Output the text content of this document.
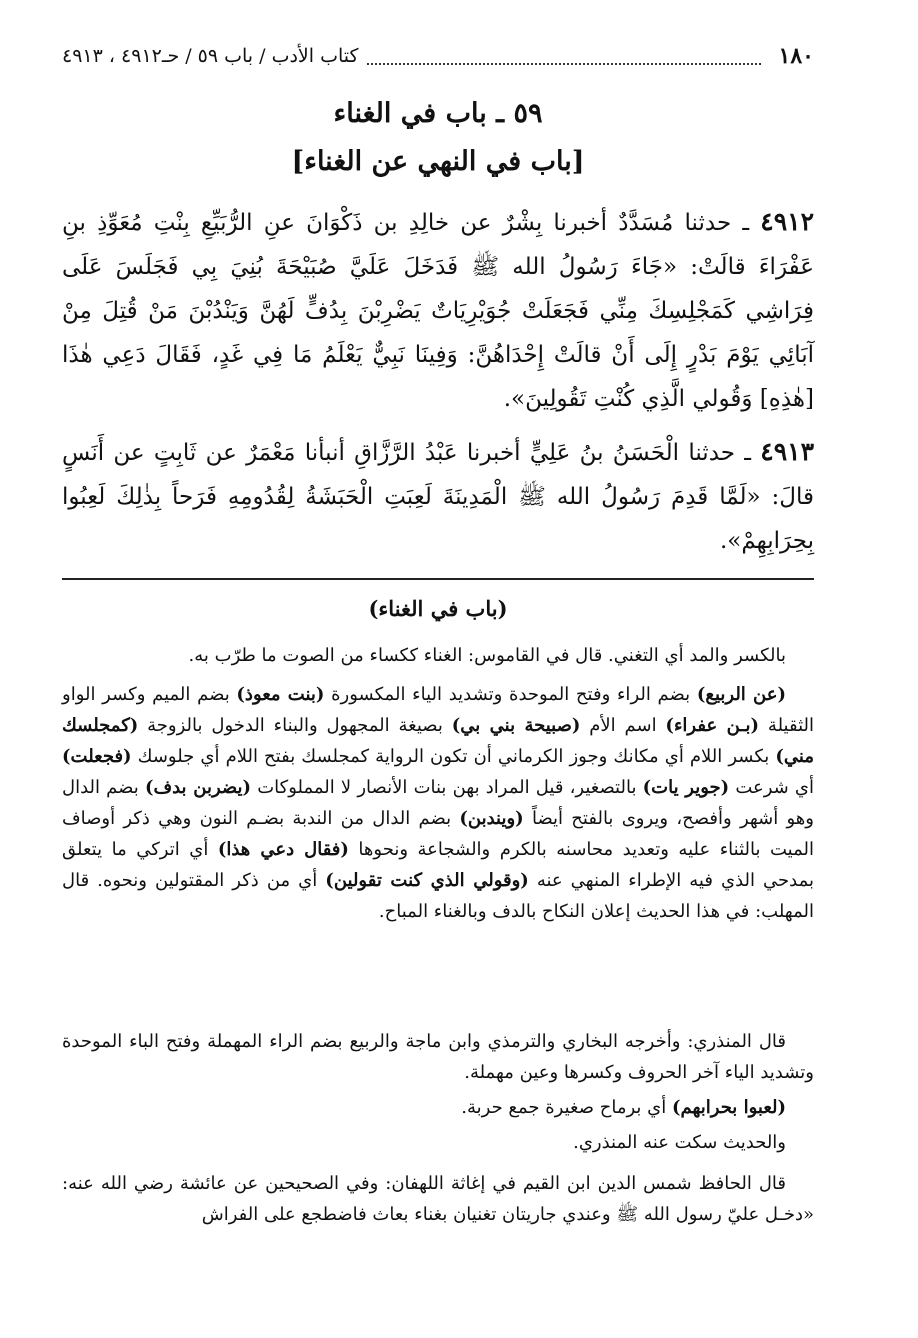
١٨٠
كتاب الأدب / باب ٥٩ / حـ٤٩١٢ ، ٤٩١٣
٥٩ ـ باب في الغناء
[باب في النهي عن الغناء]
٤٩١٢ ـ حدثنا مُسَدَّدٌ أخبرنا بِشْرٌ عن خالِدِ بن ذَكْوَانَ عنِ الرُّبَيِّعِ بِنْتِ مُعَوِّذِ بنِ عَفْرَاءَ قالَتْ: «جَاءَ رَسُولُ الله ﷺ فَدَخَلَ عَلَيَّ صُبَيْحَةَ بُنِيَ بِي فَجَلَسَ عَلَى فِرَاشِي كَمَجْلِسِكَ مِنِّي فَجَعَلَتْ جُوَيْرِيَاتٌ يَضْرِبْنَ بِدُفٍّ لَهُنَّ وَيَنْدُبْنَ مَنْ قُتِلَ مِنْ آبَائِي يَوْمَ بَدْرٍ إِلَى أَنْ قالَتْ إِحْدَاهُنَّ: وَفِينَا نَبِيٌّ يَعْلَمُ مَا فِي غَدٍ، فَقَالَ دَعِي هٰذَا [هٰذِهِ] وَقُولي الَّذِي كُنْتِ تَقُولِينَ».
٤٩١٣ ـ حدثنا الْحَسَنُ بنُ عَلِيٍّ أخبرنا عَبْدُ الرَّزَّاقِ أنبأنا مَعْمَرٌ عن ثَابِتٍ عن أَنَسٍ قالَ: «لَمَّا قَدِمَ رَسُولُ الله ﷺ الْمَدِينَةَ لَعِبَتِ الْحَبَشَةُ لِقُدُومِهِ فَرَحاً بِذٰلِكَ لَعِبُوا بِحِرَابِهِمْ».
(باب في الغناء)

بالكسر والمد أي التغني. قال في القاموس: الغناء ككساء من الصوت ما طرّب به.

(عن الربيع) بضم الراء وفتح الموحدة وتشديد الياء المكسورة (بنت معوذ) بضم الميم وكسر الواو الثقيلة (بـن عفراء) اسم الأم (صبيحة بني بي) بصيغة المجهول والبناء الدخول بالزوجة (كمجلسك مني) بكسر اللام أي مكانك وجوز الكرماني أن تكون الرواية كمجلسك بفتح اللام أي جلوسك (فجعلت) أي شرعت (جوير يات) بالتصغير، قيل المراد بهن بنات الأنصار لا المملوكات (يضربن بدف) بضم الدال وهو أشهر وأفصح، ويروى بالفتح أيضاً (ويندبن) بضم الدال من الندبة بضـم النون وهي ذكر أوصاف الميت بالثناء عليه وتعديد محاسنه بالكرم والشجاعة ونحوها (فقال دعي هذا) أي اتركي ما يتعلق بمدحي الذي فيه الإطراء المنهي عنه (وقولي الذي كنت تقولين) أي من ذكر المقتولين ونحوه. قال المهلب: في هذا الحديث إعلان النكاح بالدف وبالغناء المباح.

قال المنذري: وأخرجه البخاري والترمذي وابن ماجة والربيع بضم الراء المهملة وفتح الباء الموحدة وتشديد الياء آخر الحروف وكسرها وعين مهملة.

(لعبوا بحرابهم) أي برماح صغيرة جمع حربة.

والحديث سكت عنه المنذري.

قال الحافظ شمس الدين ابن القيم في إغاثة اللهفان: وفي الصحيحين عن عائشة رضي الله عنه: «دخـل عليّ رسول الله ﷺ وعندي جاريتان تغنيان بغناء بعاث فاضطجع على الفراش
